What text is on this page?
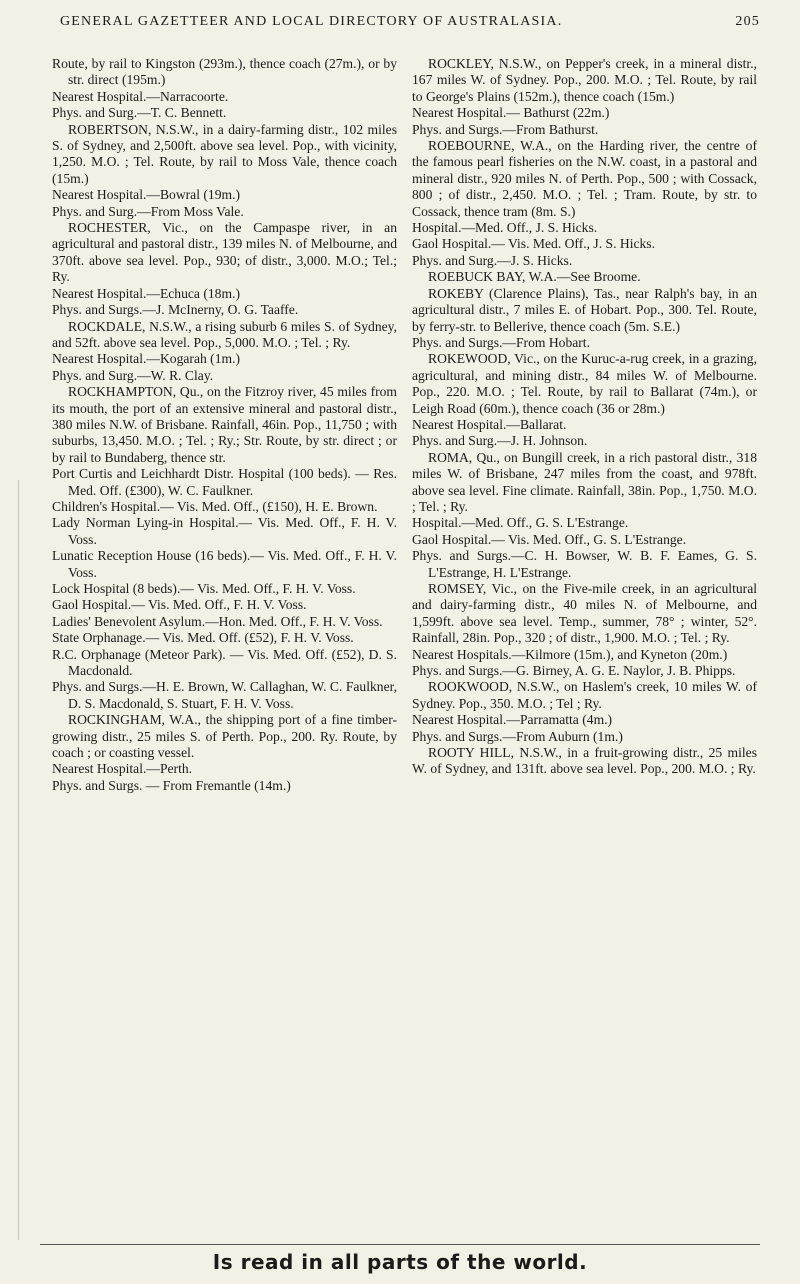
GENERAL GAZETTEER AND LOCAL DIRECTORY OF AUSTRALASIA.	205

Route, by rail to Kingston (293m.), thence coach (27m.), or by str. direct (195m.)

Nearest Hospital.—Narracoorte.

Phys. and Surg.—T. C. Bennett.

ROBERTSON, N.S.W., in a dairy-farming distr., 102 miles S. of Sydney, and 2,500ft. above sea level. Pop., with vicinity, 1,250. M.O. ; Tel. Route, by rail to Moss Vale, thence coach (15m.)

Nearest Hospital.—Bowral (19m.)

Phys. and Surg.—From Moss Vale.

ROCHESTER, Vic., on the Campaspe river, in an agricultural and pastoral distr., 139 miles N. of Melbourne, and 370ft. above sea level. Pop., 930; of distr., 3,000. M.O.; Tel.; Ry.

Nearest Hospital.—Echuca (18m.)

Phys. and Surgs.—J. McInerny, O. G. Taaffe.

ROCKDALE, N.S.W., a rising suburb 6 miles S. of Sydney, and 52ft. above sea level. Pop., 5,000. M.O. ; Tel. ; Ry.

Nearest Hospital.—Kogarah (1m.)

Phys. and Surg.—W. R. Clay.

ROCKHAMPTON, Qu., on the Fitzroy river, 45 miles from its mouth, the port of an extensive mineral and pastoral distr., 380 miles N.W. of Brisbane. Rainfall, 46in. Pop., 11,750 ; with suburbs, 13,450. M.O. ; Tel. ; Ry.; Str. Route, by str. direct ; or by rail to Bundaberg, thence str.

Port Curtis and Leichhardt Distr. Hospital (100 beds). — Res. Med. Off. (£300), W. C. Faulkner.

Children's Hospital.— Vis. Med. Off., (£150), H. E. Brown.

Lady Norman Lying-in Hospital.— Vis. Med. Off., F. H. V. Voss.

Lunatic Reception House (16 beds).— Vis. Med. Off., F. H. V. Voss.

Lock Hospital (8 beds).— Vis. Med. Off., F. H. V. Voss.

Gaol Hospital.— Vis. Med. Off., F. H. V. Voss.

Ladies' Benevolent Asylum.—Hon. Med. Off., F. H. V. Voss.

State Orphanage.— Vis. Med. Off. (£52), F. H. V. Voss.

R.C. Orphanage (Meteor Park). — Vis. Med. Off. (£52), D. S. Macdonald.

Phys. and Surgs.—H. E. Brown, W. Callaghan, W. C. Faulkner, D. S. Macdonald, S. Stuart, F. H. V. Voss.

ROCKINGHAM, W.A., the shipping port of a fine timber-growing distr., 25 miles S. of Perth. Pop., 200. Ry. Route, by coach ; or coasting vessel.

Nearest Hospital.—Perth.

Phys. and Surgs. — From Fremantle (14m.)

ROCKLEY, N.S.W., on Pepper's creek, in a mineral distr., 167 miles W. of Sydney. Pop., 200. M.O. ; Tel. Route, by rail to George's Plains (152m.), thence coach (15m.)

Nearest Hospital.— Bathurst (22m.)

Phys. and Surgs.—From Bathurst.

ROEBOURNE, W.A., on the Harding river, the centre of the famous pearl fisheries on the N.W. coast, in a pastoral and mineral distr., 920 miles N. of Perth. Pop., 500 ; with Cossack, 800 ; of distr., 2,450. M.O. ; Tel. ; Tram. Route, by str. to Cossack, thence tram (8m. S.)

Hospital.—Med. Off., J. S. Hicks.

Gaol Hospital.— Vis. Med. Off., J. S. Hicks.

Phys. and Surg.—J. S. Hicks.

ROEBUCK BAY, W.A.—See Broome.

ROKEBY (Clarence Plains), Tas., near Ralph's bay, in an agricultural distr., 7 miles E. of Hobart. Pop., 300. Tel. Route, by ferry-str. to Bellerive, thence coach (5m. S.E.)

Phys. and Surgs.—From Hobart.

ROKEWOOD, Vic., on the Kuruc-a-rug creek, in a grazing, agricultural, and mining distr., 84 miles W. of Melbourne. Pop., 220. M.O. ; Tel. Route, by rail to Ballarat (74m.), or Leigh Road (60m.), thence coach (36 or 28m.)

Nearest Hospital.—Ballarat.

Phys. and Surg.—J. H. Johnson.

ROMA, Qu., on Bungill creek, in a rich pastoral distr., 318 miles W. of Brisbane, 247 miles from the coast, and 978ft. above sea level. Fine climate. Rainfall, 38in. Pop., 1,750. M.O. ; Tel. ; Ry.

Hospital.—Med. Off., G. S. L'Estrange.

Gaol Hospital.— Vis. Med. Off., G. S. L'Estrange.

Phys. and Surgs.—C. H. Bowser, W. B. F. Eames, G. S. L'Estrange, H. L'Estrange.

ROMSEY, Vic., on the Five-mile creek, in an agricultural and dairy-farming distr., 40 miles N. of Melbourne, and 1,599ft. above sea level. Temp., summer, 78° ; winter, 52°. Rainfall, 28in. Pop., 320 ; of distr., 1,900. M.O. ; Tel. ; Ry.

Nearest Hospitals.—Kilmore (15m.), and Kyneton (20m.)

Phys. and Surgs.—G. Birney, A. G. E. Naylor, J. B. Phipps.

ROOKWOOD, N.S.W., on Haslem's creek, 10 miles W. of Sydney. Pop., 350. M.O. ; Tel ; Ry.

Nearest Hospital.—Parramatta (4m.)

Phys. and Surgs.—From Auburn (1m.)

ROOTY HILL, N.S.W., in a fruit-growing distr., 25 miles W. of Sydney, and 131ft. above sea level. Pop., 200. M.O. ; Ry.

Is read in all parts of the world.
